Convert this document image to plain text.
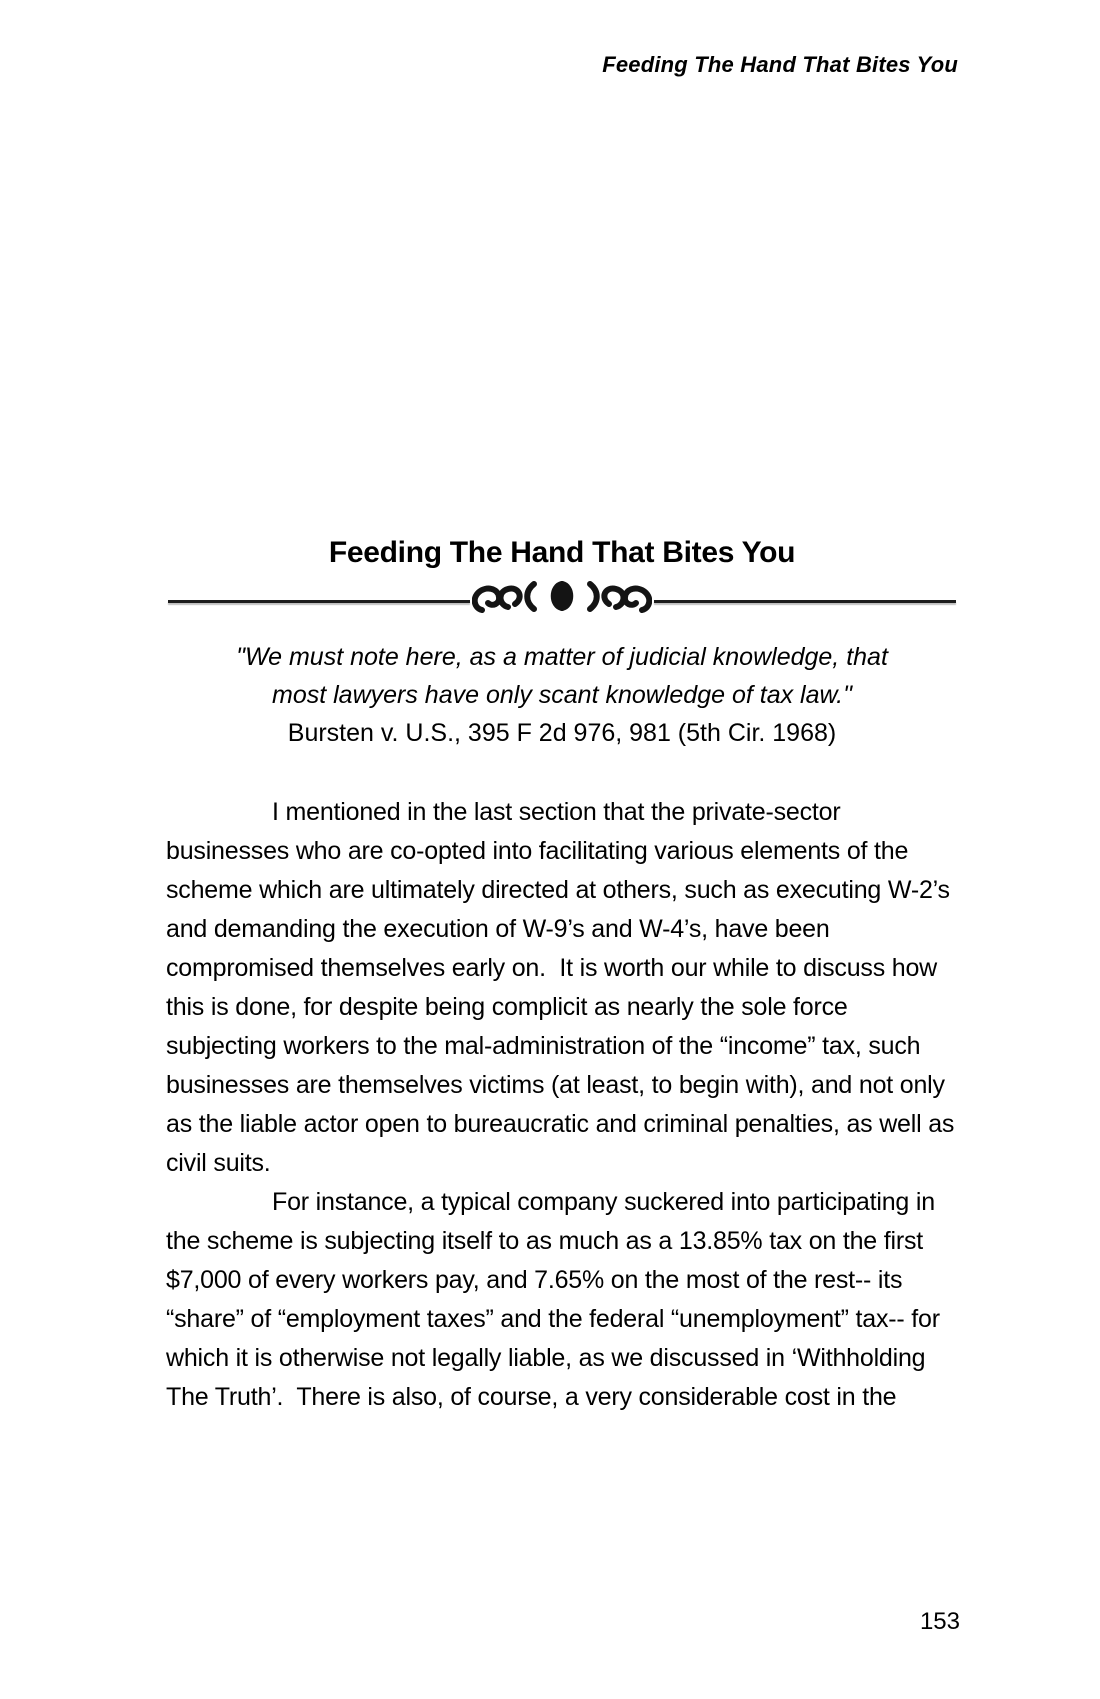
Feeding The Hand That Bites You
Feeding The Hand That Bites You
"We must note here, as a matter of judicial knowledge, that
most lawyers have only scant knowledge of tax law."
Bursten v. U.S., 395 F 2d 976, 981 (5th Cir. 1968)

I mentioned in the last section that the private-sector businesses who are co-opted into facilitating various elements of the scheme which are ultimately directed at others, such as executing W-2’s and demanding the execution of W-9’s and W-4’s, have been compromised themselves early on.  It is worth our while to discuss how this is done, for despite being complicit as nearly the sole force subjecting workers to the mal-administration of the “income” tax, such businesses are themselves victims (at least, to begin with), and not only as the liable actor open to bureaucratic and criminal penalties, as well as civil suits.

For instance, a typical company suckered into participating in the scheme is subjecting itself to as much as a 13.85% tax on the first $7,000 of every workers pay, and 7.65% on the most of the rest-- its “share” of “employment taxes” and the federal “unemployment” tax-- for which it is otherwise not legally liable, as we discussed in ‘Withholding The Truth’.  There is also, of course, a very considerable cost in the

153
